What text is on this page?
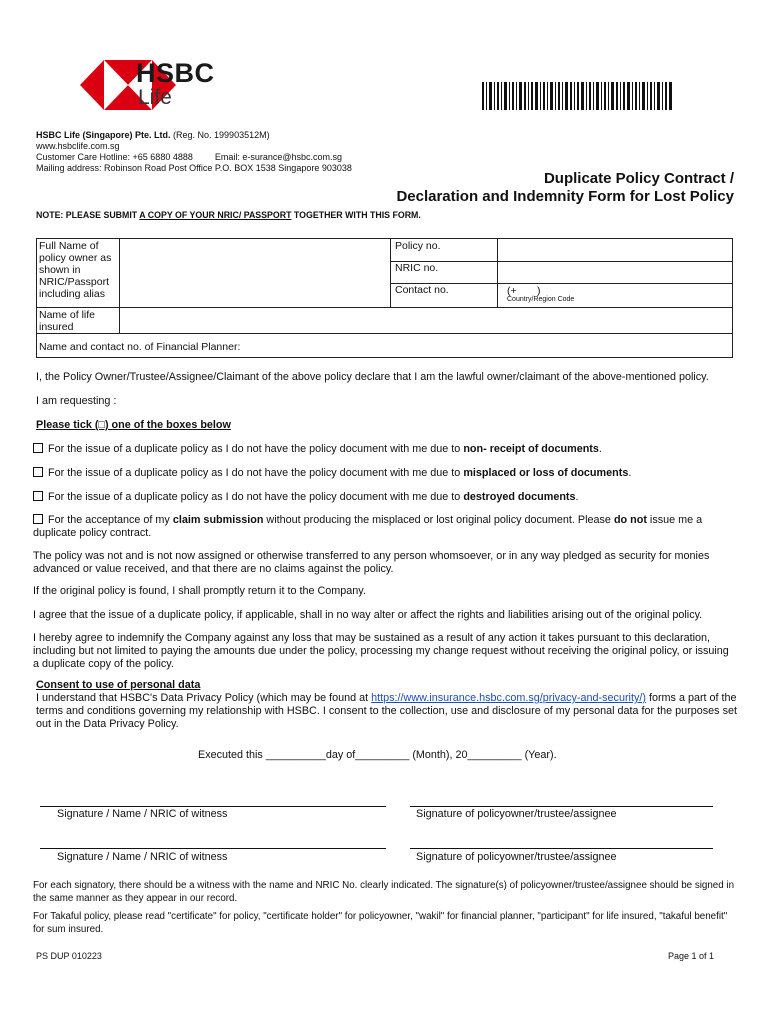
HSBC
Life
HSBC Life (Singapore) Pte. Ltd. (Reg. No. 199903512M)
www.hsbclife.com.sg
Customer Care Hotline: +65 6880 4888 Email: e-surance@hsbc.com.sg
Mailing address: Robinson Road Post Office P.O. BOX 1538 Singapore 903038
Duplicate Policy Contract /
Declaration and Indemnity Form for Lost Policy
NOTE: PLEASE SUBMIT A COPY OF YOUR NRIC/ PASSPORT TOGETHER WITH THIS FORM.
Full Name of policy owner as shown in NRIC/Passport including alias
Policy no.
NRIC no.
Contact no.	(+       )
Country/Region Code
Name of life insured
Name and contact no. of Financial Planner:
I, the Policy Owner/Trustee/Assignee/Claimant of the above policy declare that I am the lawful owner/claimant of the above-mentioned policy.
I am requesting :
Please tick (□) one of the boxes below
For the issue of a duplicate policy as I do not have the policy document with me due to non- receipt of documents.
For the issue of a duplicate policy as I do not have the policy document with me due to misplaced or loss of documents.
For the issue of a duplicate policy as I do not have the policy document with me due to destroyed documents.
For the acceptance of my claim submission without producing the misplaced or lost original policy document. Please do not issue me a duplicate policy contract.
The policy was not and is not now assigned or otherwise transferred to any person whomsoever, or in any way pledged as security for monies advanced or value received, and that there are no claims against the policy.
If the original policy is found, I shall promptly return it to the Company.
I agree that the issue of a duplicate policy, if applicable, shall in no way alter or affect the rights and liabilities arising out of the original policy.
I hereby agree to indemnify the Company against any loss that may be sustained as a result of any action it takes pursuant to this declaration, including but not limited to paying the amounts due under the policy, processing my change request without receiving the original policy, or issuing a duplicate copy of the policy.
Consent to use of personal data
I understand that HSBC's Data Privacy Policy (which may be found at https://www.insurance.hsbc.com.sg/privacy-and-security/) forms a part of the terms and conditions governing my relationship with HSBC. I consent to the collection, use and disclosure of my personal data for the purposes set out in the Data Privacy Policy.
Executed this __________day of_________ (Month), 20_________ (Year).
Signature / Name / NRIC of witness	Signature of policyowner/trustee/assignee
Signature / Name / NRIC of witness	Signature of policyowner/trustee/assignee
For each signatory, there should be a witness with the name and NRIC No. clearly indicated. The signature(s) of policyowner/trustee/assignee should be signed in the same manner as they appear in our record.
For Takaful policy, please read "certificate" for policy, "certificate holder" for policyowner, "wakil" for financial planner, "participant" for life insured, "takaful benefit" for sum insured.
PS DUP 010223	Page 1 of 1
